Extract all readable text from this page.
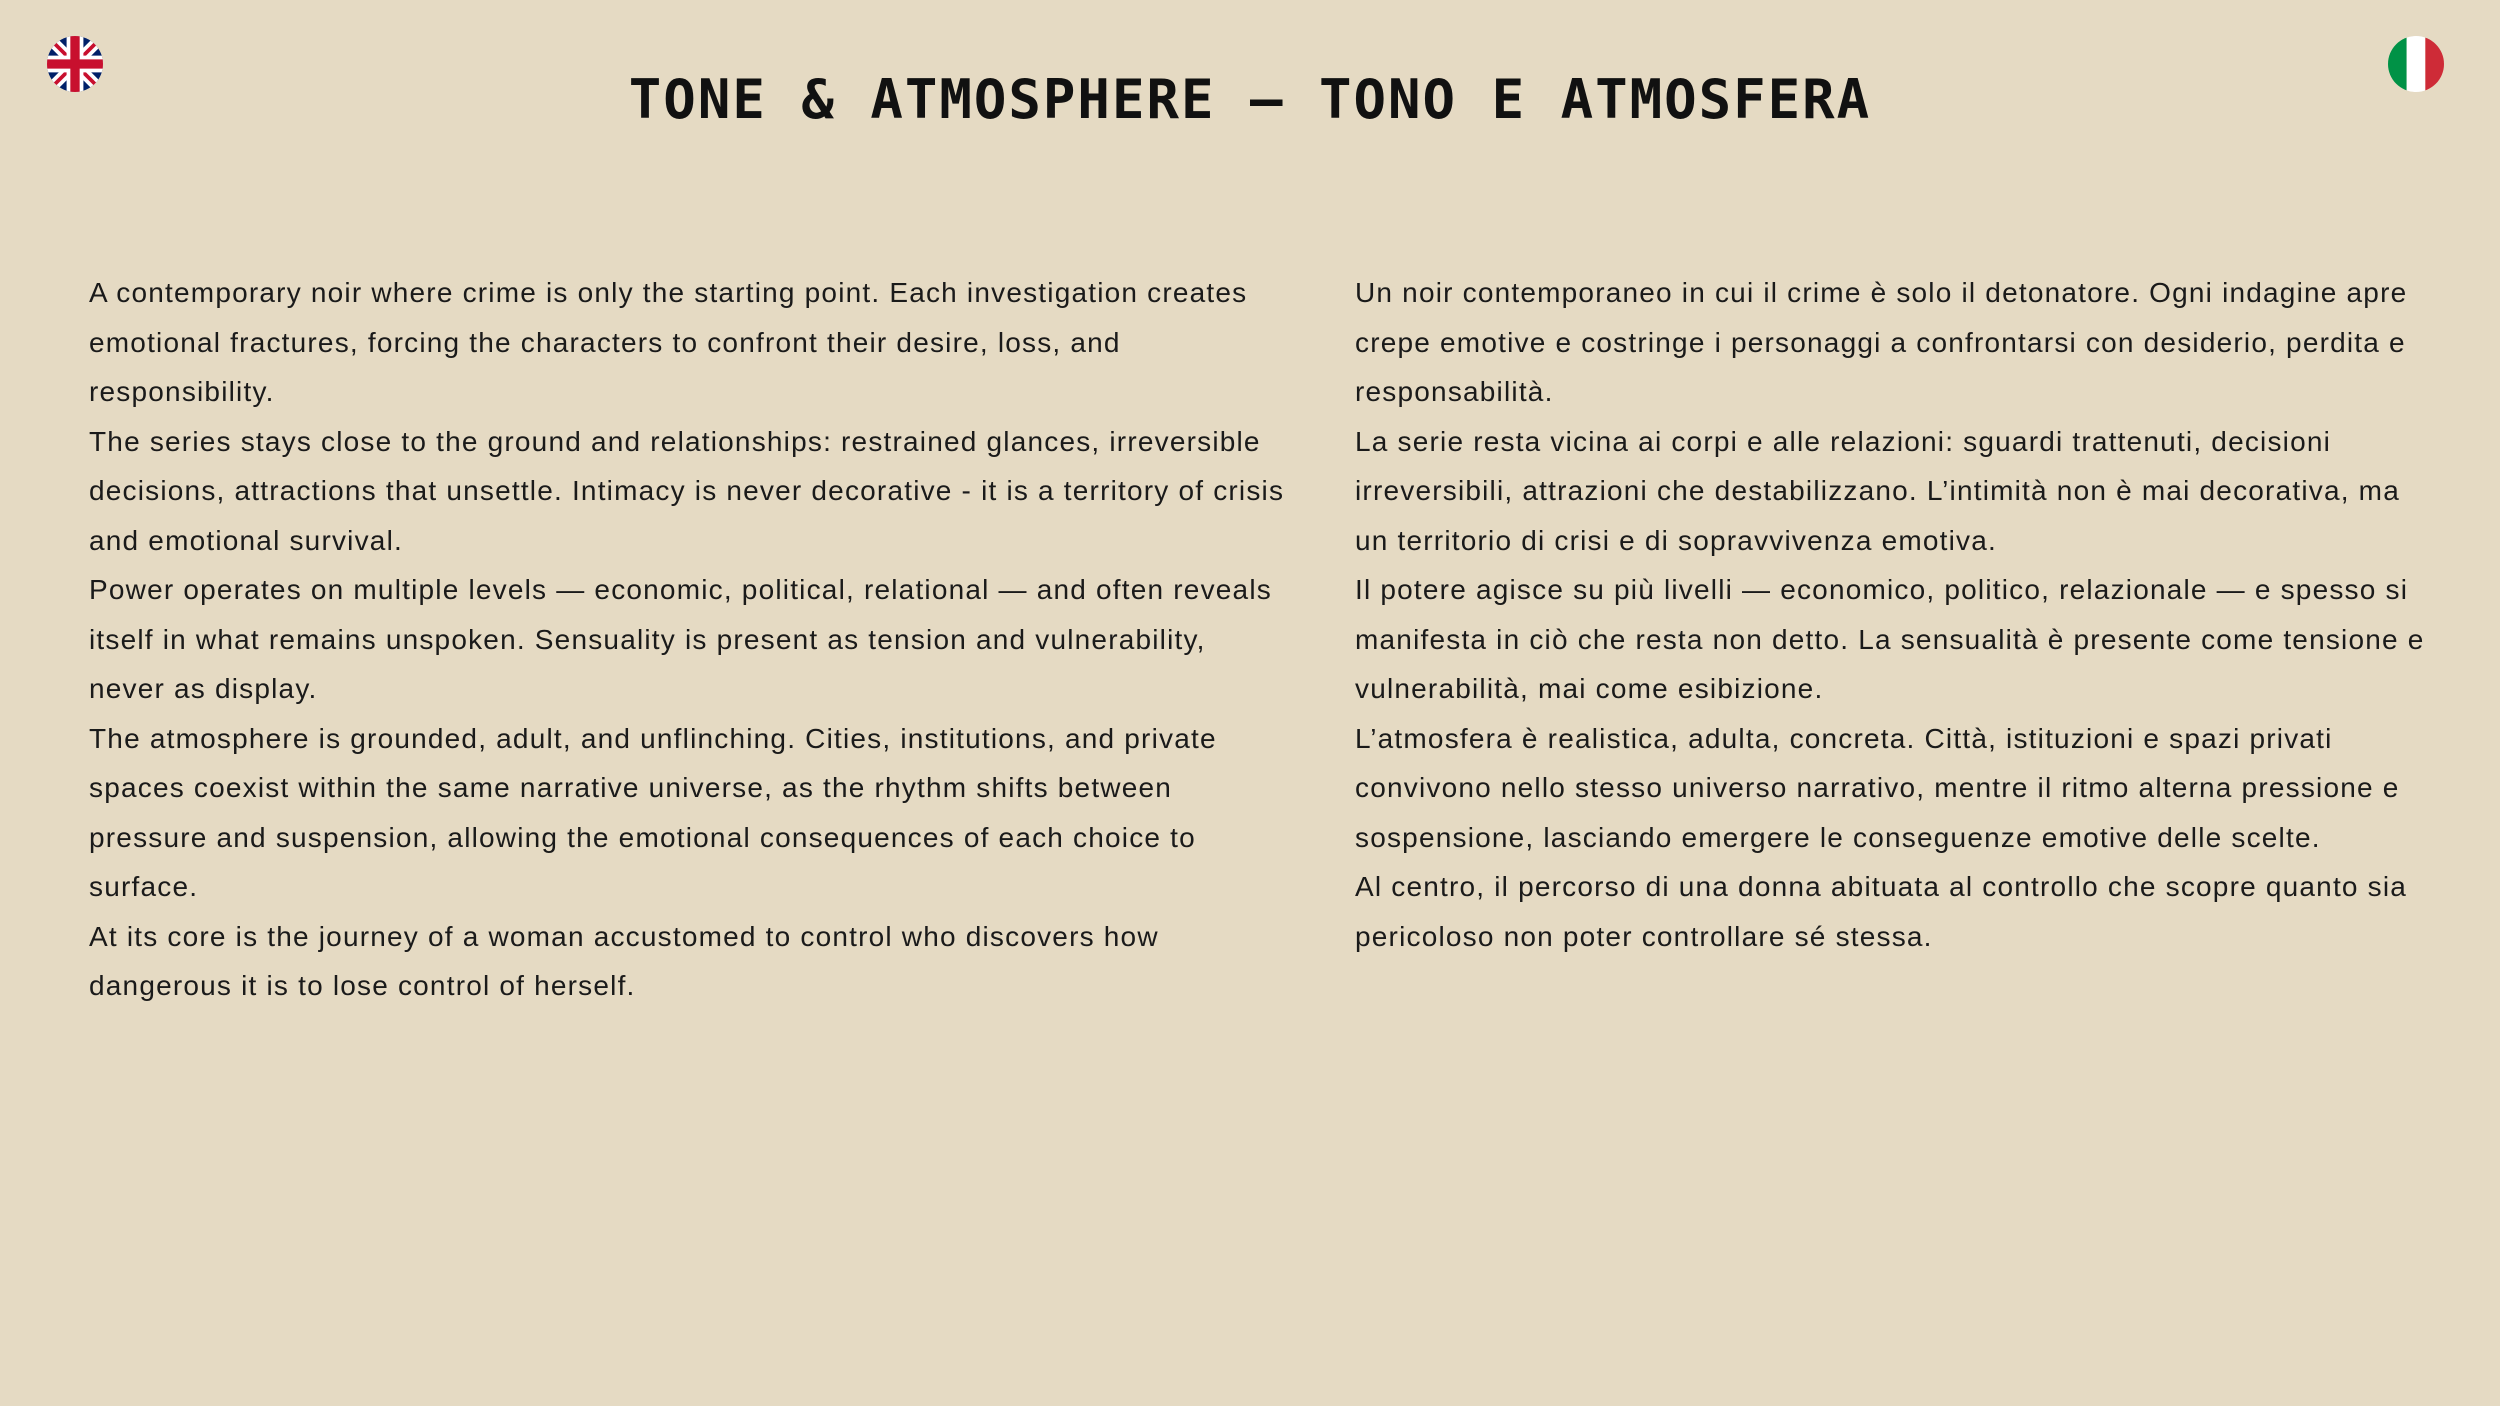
TONE & ATMOSPHERE – TONO E ATMOSFERA

A contemporary noir where crime is only the starting point. Each investigation creates emotional fractures, forcing the characters to confront their desire, loss, and responsibility.

The series stays close to the ground and relationships: restrained glances, irreversible decisions, attractions that unsettle. Intimacy is never decorative - it is a territory of crisis and emotional survival.

Power operates on multiple levels — economic, political, relational — and often reveals itself in what remains unspoken. Sensuality is present as tension and vulnerability, never as display.

The atmosphere is grounded, adult, and unflinching. Cities, institutions, and private spaces coexist within the same narrative universe, as the rhythm shifts between pressure and suspension, allowing the emotional consequences of each choice to surface.

At its core is the journey of a woman accustomed to control who discovers how dangerous it is to lose control of herself.

Un noir contemporaneo in cui il crime è solo il detonatore. Ogni indagine apre crepe emotive e costringe i personaggi a confrontarsi con desiderio, perdita e responsabilità.

La serie resta vicina ai corpi e alle relazioni: sguardi trattenuti, decisioni irreversibili, attrazioni che destabilizzano. L’intimità non è mai decorativa, ma un territorio di crisi e di sopravvivenza emotiva.

Il potere agisce su più livelli — economico, politico, relazionale — e spesso si manifesta in ciò che resta non detto. La sensualità è presente come tensione e vulnerabilità, mai come esibizione.

L’atmosfera è realistica, adulta, concreta. Città, istituzioni e spazi privati convivono nello stesso universo narrativo, mentre il ritmo alterna pressione e sospensione, lasciando emergere le conseguenze emotive delle scelte.

Al centro, il percorso di una donna abituata al controllo che scopre quanto sia pericoloso non poter controllare sé stessa.
